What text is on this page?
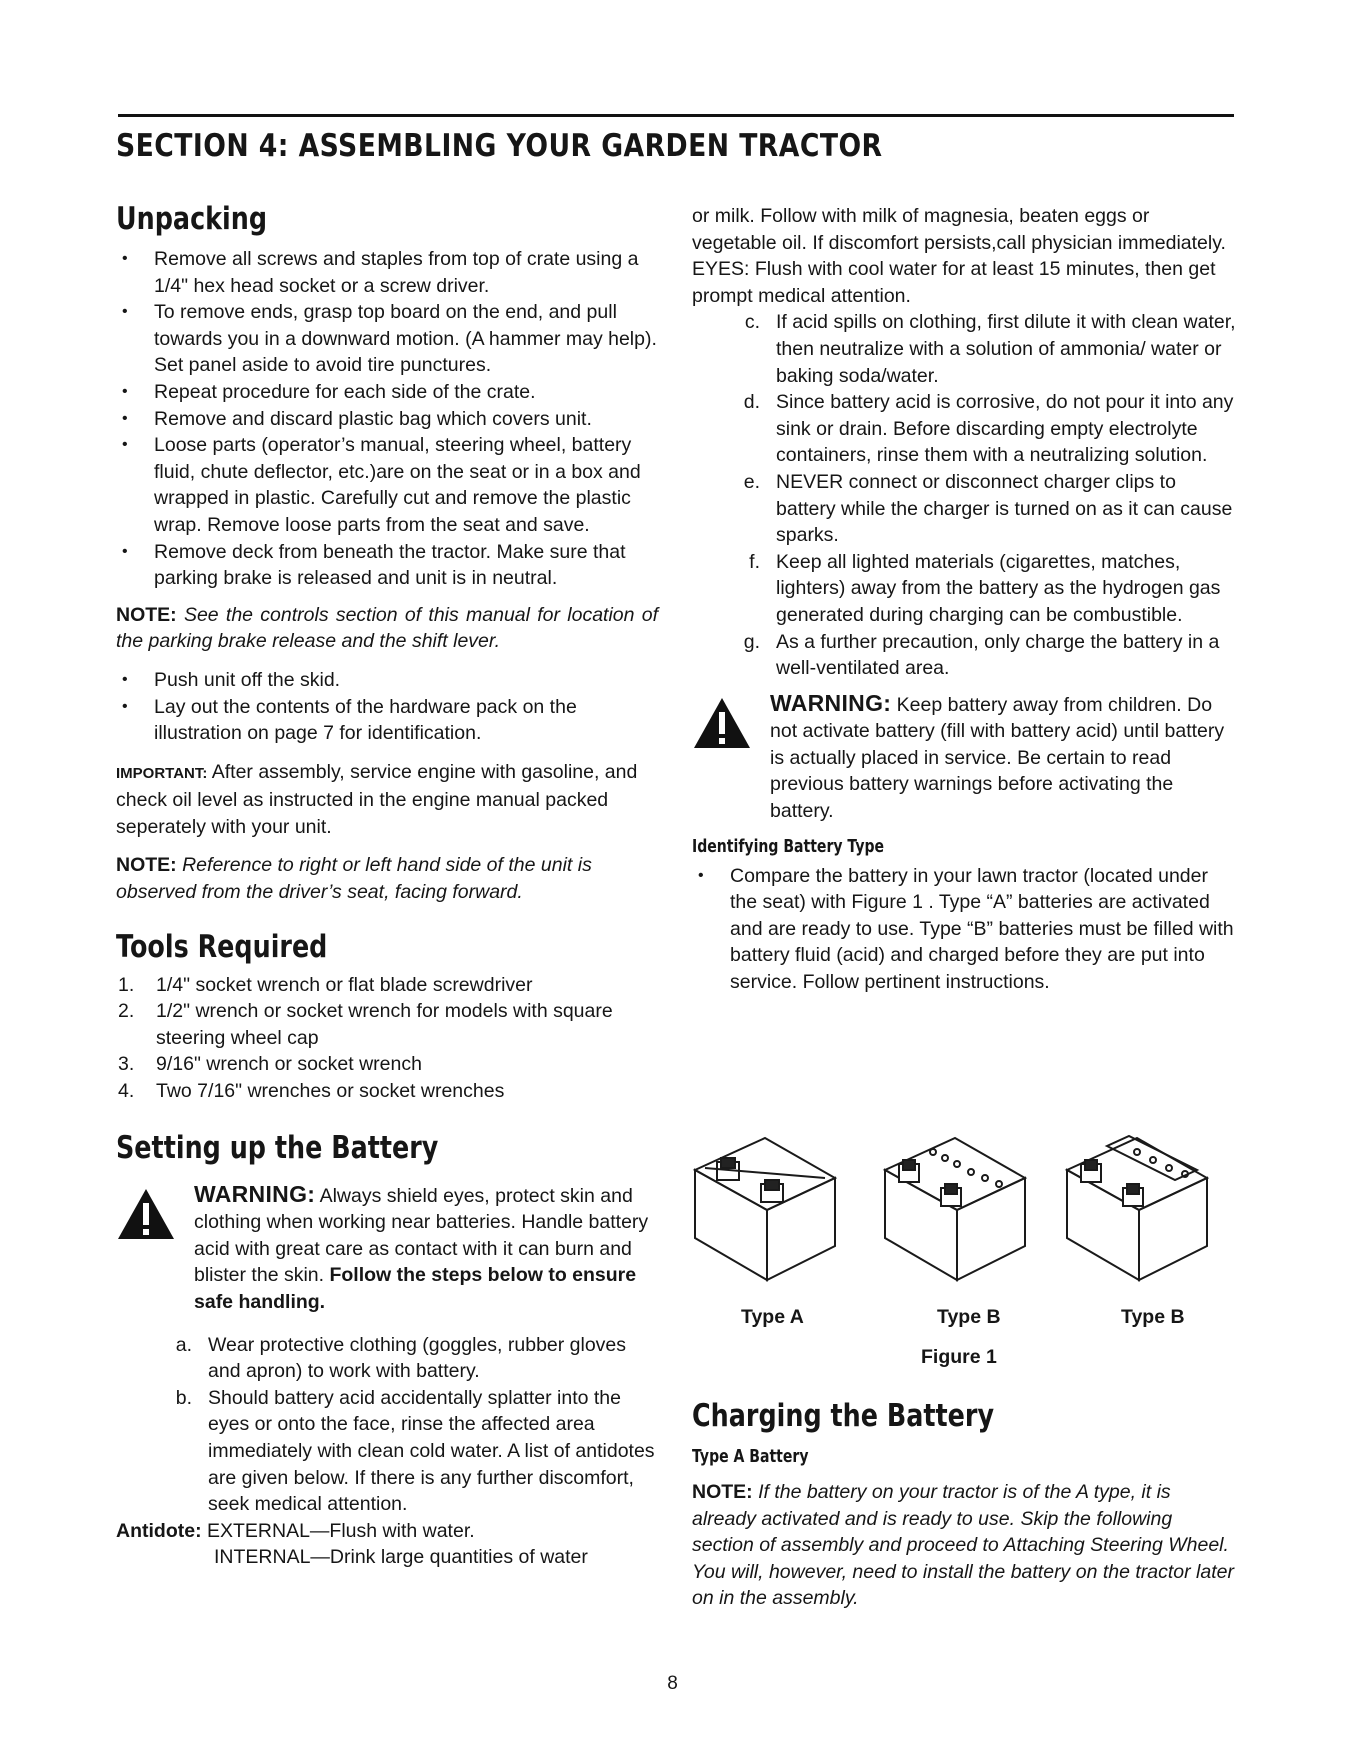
SECTION 4: ASSEMBLING YOUR GARDEN TRACTOR
Unpacking
• Remove all screws and staples from top of crate using a 1/4" hex head socket or a screw driver.
• To remove ends, grasp top board on the end, and pull towards you in a downward motion. (A hammer may help). Set panel aside to avoid tire punctures.
• Repeat procedure for each side of the crate.
• Remove and discard plastic bag which covers unit.
• Loose parts (operator’s manual, steering wheel, battery fluid, chute deflector, etc.)are on the seat or in a box and wrapped in plastic. Carefully cut and remove the plastic wrap. Remove loose parts from the seat and save.
• Remove deck from beneath the tractor. Make sure that parking brake is released and unit is in neutral.

NOTE: See the controls section of this manual for location of the parking brake release and the shift lever.

• Push unit off the skid.
• Lay out the contents of the hardware pack on the illustration on page 7 for identification.

IMPORTANT: After assembly, service engine with gasoline, and check oil level as instructed in the engine manual packed seperately with your unit.

NOTE: Reference to right or left hand side of the unit is observed from the driver’s seat, facing forward.

Tools Required
1.	1/4" socket wrench or flat blade screwdriver
2.	1/2" wrench or socket wrench for models with square steering wheel cap
3.	9/16" wrench or socket wrench
4.	Two 7/16" wrenches or socket wrenches
Setting up the Battery
WARNING: Always shield eyes, protect skin and clothing when working near batteries. Handle battery acid with great care as contact with it can burn and blister the skin. Follow the steps below to ensure safe handling.
a. Wear protective clothing (goggles, rubber gloves and apron) to work with battery.
b. Should battery acid accidentally splatter into the eyes or onto the face, rinse the affected area immediately with clean cold water. A list of antidotes are given below. If there is any further discomfort, seek medical attention.

Antidote: EXTERNAL—Flush with water.

INTERNAL—Drink large quantities of water

or milk. Follow with milk of magnesia, beaten eggs or vegetable oil. If discomfort persists,call physician immediately.

EYES: Flush with cool water for at least 15 minutes, then get prompt medical attention.

c. If acid spills on clothing, first dilute it with clean water, then neutralize with a solution of ammonia/ water or baking soda/water.
d. Since battery acid is corrosive, do not pour it into any sink or drain. Before discarding empty electrolyte containers, rinse them with a neutralizing solution.
e. NEVER connect or disconnect charger clips to battery while the charger is turned on as it can cause sparks.
f. Keep all lighted materials (cigarettes, matches, lighters) away from the battery as the hydrogen gas generated during charging can be combustible.
g. As a further precaution, only charge the battery in a well-ventilated area.
WARNING: Keep battery away from children. Do not activate battery (fill with battery acid) until battery is actually placed in service. Be certain to read previous battery warnings before activating the battery.
Identifying Battery Type
• Compare the battery in your lawn tractor (located under the seat) with Figure 1 . Type “A” batteries are activated and are ready to use. Type “B” batteries must be filled with battery fluid (acid) and charged before they are put into service. Follow pertinent instructions.
Type A	Type B	Type B
Figure 1
Charging the Battery
Type A Battery

NOTE: If the battery on your tractor is of the A type, it is already activated and is ready to use. Skip the following section of assembly and proceed to Attaching Steering Wheel. You will, however, need to install the battery on the tractor later on in the assembly.

8
